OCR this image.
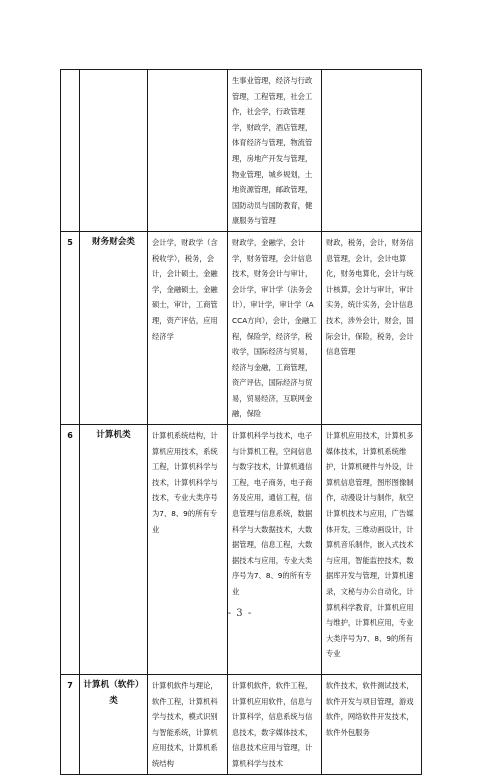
			生事业管理，经济与行政管理，工程管理，社会工作，社会学，行政管理学，财政学，酒店管理，体育经济与管理，物流管理，房地产开发与管理，物业管理，城乡规划，土地资源管理，邮政管理，国防动员与国防教育，健康服务与管理	
5	财务财会类	会计学，财政学（含税收学），税务，会计，会计硕士，金融学，金融硕士，金融硕士，审计，工商管理，资产评估，应用经济学	财政学，金融学，会计学，财务管理，会计信息技术，财务会计与审计，会计学，审计学（法务会计），审计学，审计学（ACCA方向），会计，金融工程，保险学，经济学，税收学，国际经济与贸易，经济与金融，工商管理，资产评估，国际经济与贸易，贸易经济，互联网金融，保险	财政，税务，会计，财务信息管理，会计，会计电算化，财务电算化，会计与统计核算，会计与审计，审计实务，统计实务，会计信息技术，涉外会计，财会，国际会计，保险，税务，会计信息管理
6	计算机类	计算机系统结构，计算机应用技术，系统工程，计算机科学与技术，计算机科学与技术，专业大类序号为7、8、9的所有专业	计算机科学与技术，电子与计算机工程，空间信息与数字技术，计算机通信工程，电子商务，电子商务及应用，通信工程，信息管理与信息系统，数据科学与大数据技术，大数据管理，信息工程，大数据技术与应用，专业大类序号为7、8、9的所有专业	计算机应用技术，计算机多媒体技术，计算机系统维护，计算机硬件与外设，计算机信息管理，图形图像制作，动漫设计与制作，航空计算机技术与应用，广告媒体开发，三维动画设计，计算机音乐制作，嵌入式技术与应用，智能监控技术，数据库开发与管理，计算机速录，文秘与办公自动化，计算机科学教育，计算机应用与维护，计算机应用，专业大类序号为7、8、9的所有专业
7	计算机（软件）类	计算机软件与理论，软件工程，计算机科学与技术，模式识别与智能系统，计算机应用技术，计算机系统结构	计算机软件，软件工程，计算机应用软件，信息与计算科学，信息系统与信息技术，数字媒体技术，信息技术应用与管理，计算机科学与技术	软件技术，软件测试技术，软件开发与项目管理，游戏软件，网络软件开发技术，软件外包服务
- 3 -
